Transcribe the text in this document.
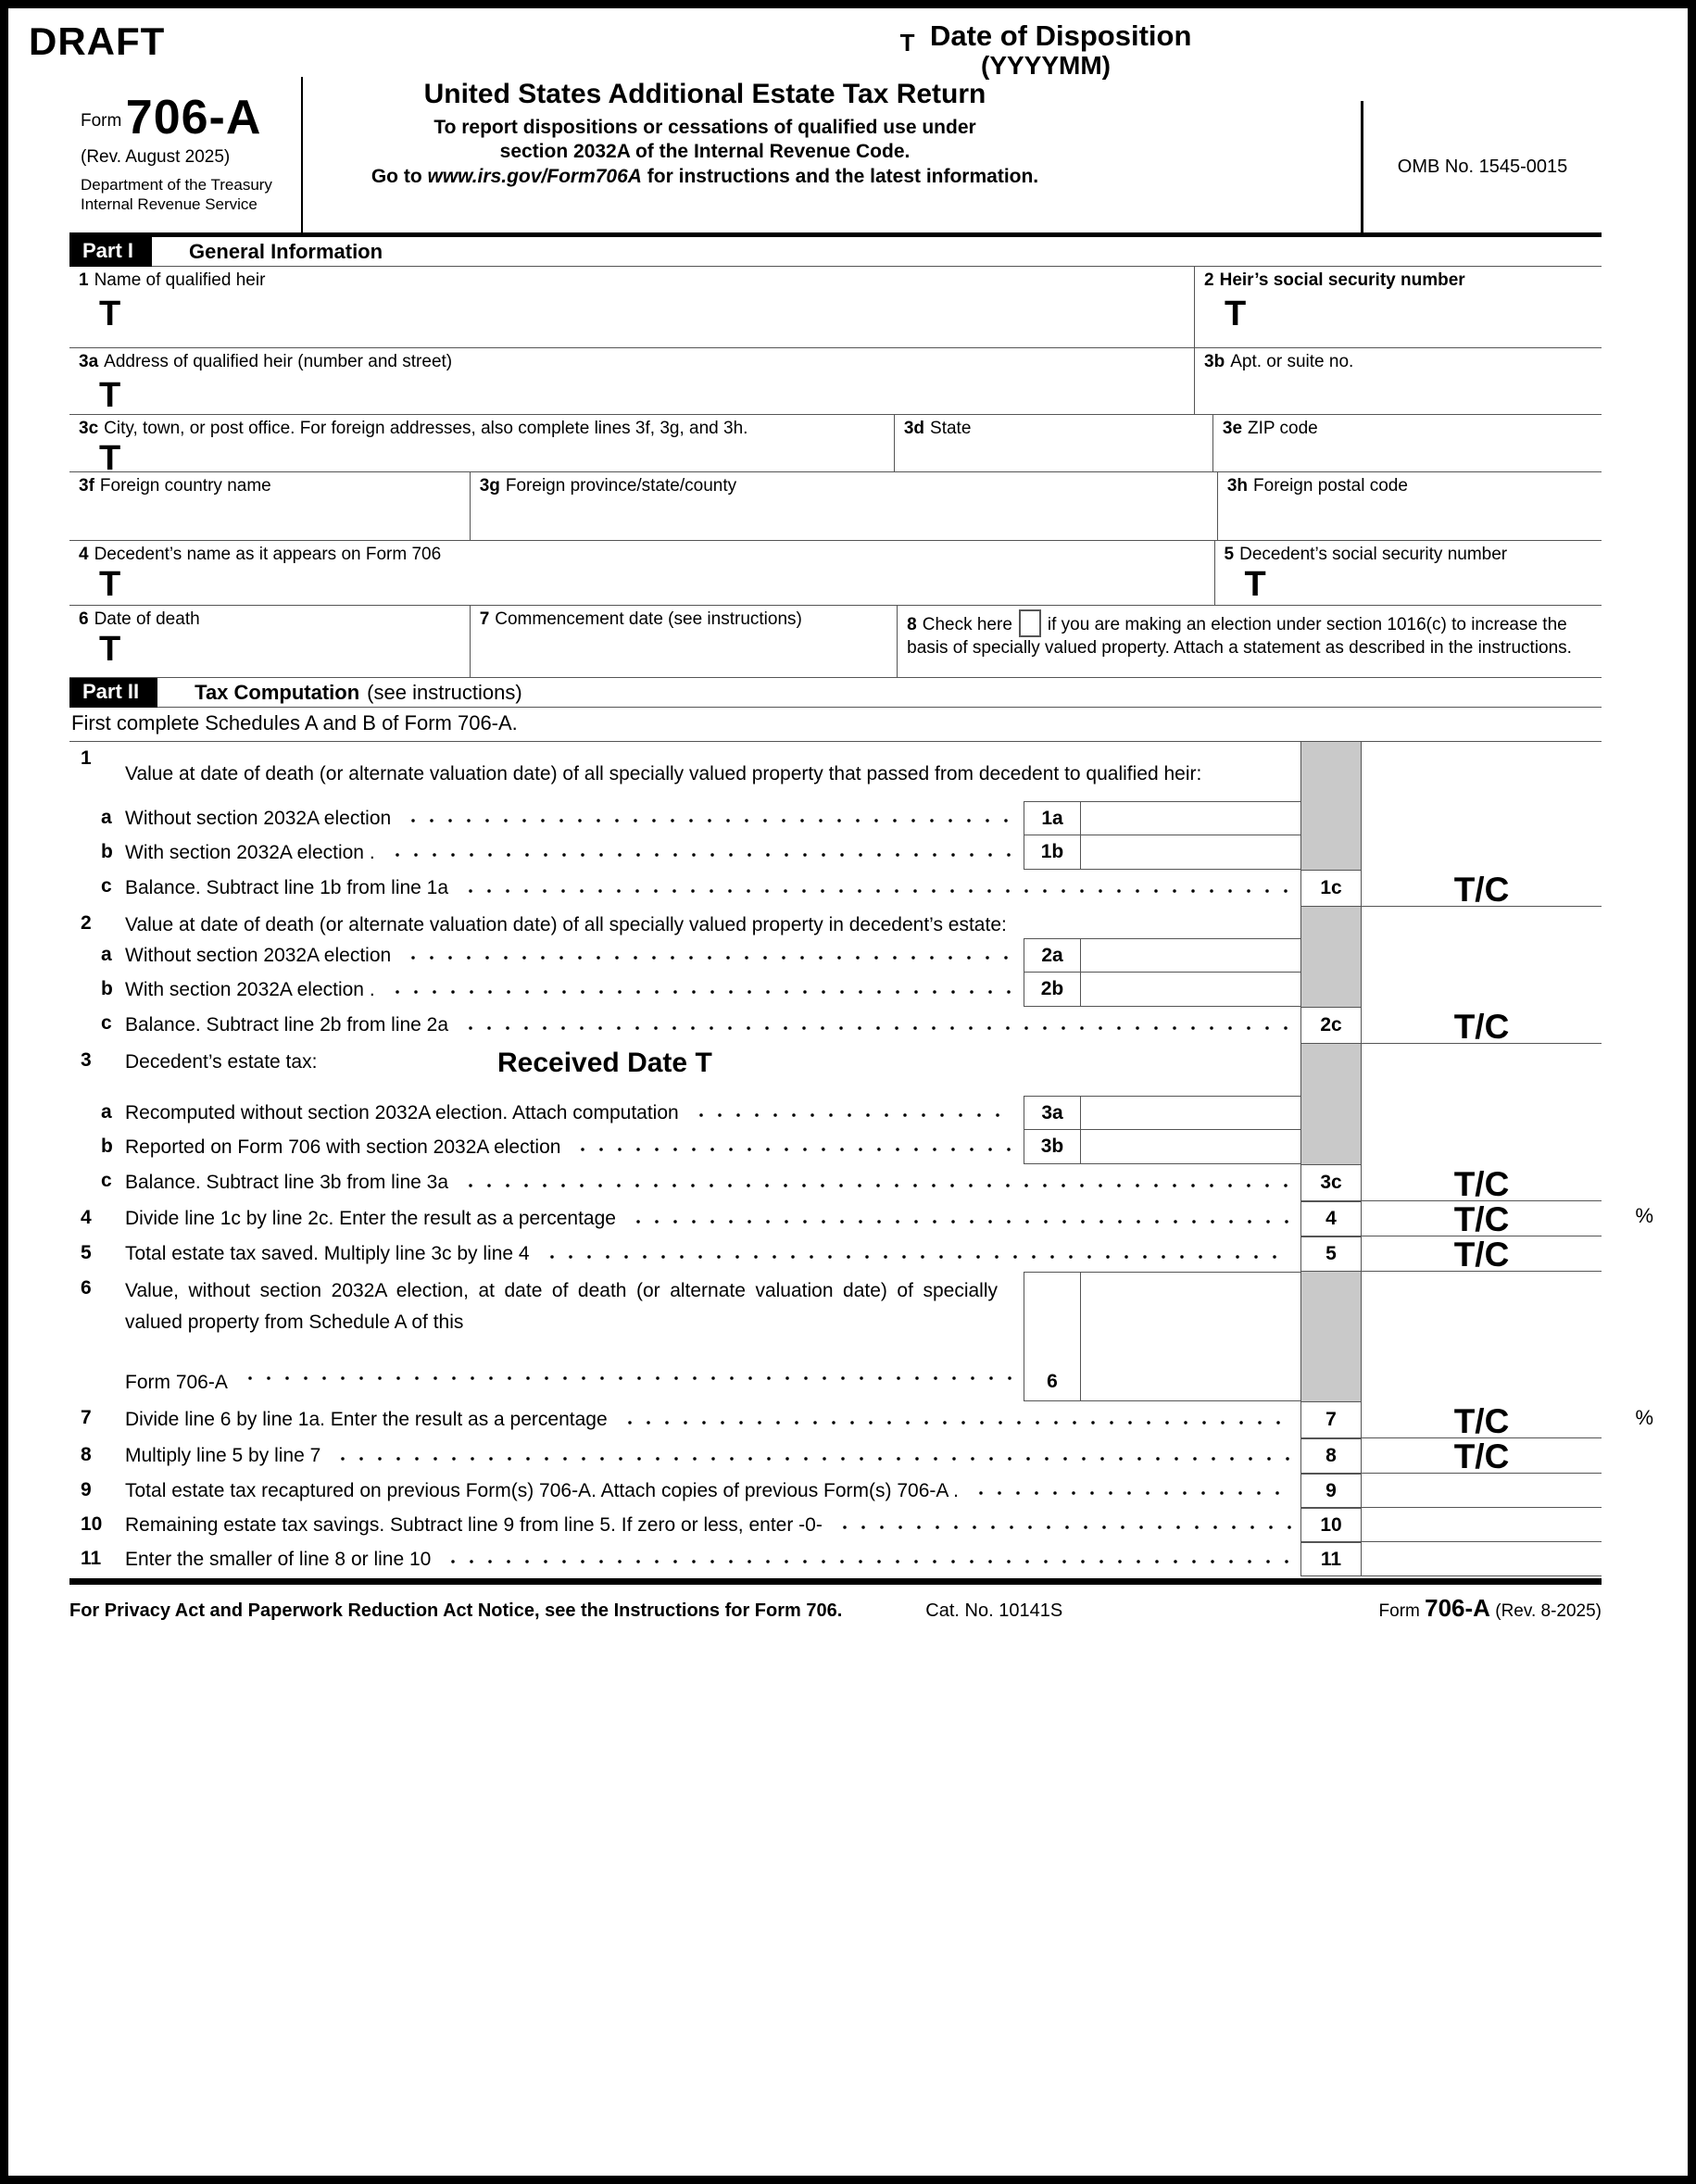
DRAFT	T Date of Disposition
(YYYYMM)
Form 706-A
(Rev. August 2025)
Department of the Treasury
Internal Revenue Service
United States Additional Estate Tax Return
To report dispositions or cessations of qualified use under
section 2032A of the Internal Revenue Code.
Go to www.irs.gov/Form706A for instructions and the latest information.	OMB No. 1545-0015
Part I	General Information
1 Name of qualified heir
T
2 Heir’s social security number
T
3a Address of qualified heir (number and street)
T
3b Apt. or suite no.
3c City, town, or post office. For foreign addresses, also complete lines 3f, 3g, and 3h.
T
3d State	3e ZIP code
3f Foreign country name	3g Foreign province/state/county	3h Foreign postal code
4 Decedent’s name as it appears on Form 706
T
5 Decedent’s social security number
T
6 Date of death
T
7 Commencement date (see instructions)	8 Check here if you are making an election under section 1016(c) to increase the basis of specially valued property. Attach a statement as described in the instructions.
Part II	Tax Computation (see instructions)
First complete Schedules A and B of Form 706-A.
1
Value at date of death (or alternate valuation date) of all specially valued property that passed from decedent to qualified heir:
a Without section 2032A election	1a
b With section 2032A election .	1b
c Balance. Subtract line 1b from line 1a	1c	T/C
2	Value at date of death (or alternate valuation date) of all specially valued property in decedent’s estate:
a Without section 2032A election	2a
b With section 2032A election .	2b
c Balance. Subtract line 2b from line 2a	2c	T/C
3	Decedent’s estate tax:	Received Date T
a Recomputed without section 2032A election. Attach computation	3a
b Reported on Form 706 with section 2032A election	3b
c Balance. Subtract line 3b from line 3a	3c	T/C
4	Divide line 1c by line 2c. Enter the result as a percentage	4	T/C	%
5	Total estate tax saved. Multiply line 3c by line 4	5	T/C
6	Value, without section 2032A election, at date of death (or alternate valuation date) of specially valued property from Schedule A of this
Form 706-A	6
7	Divide line 6 by line 1a. Enter the result as a percentage	7	T/C	%
8	Multiply line 5 by line 7	8	T/C
9	Total estate tax recaptured on previous Form(s) 706-A. Attach copies of previous Form(s) 706-A .	9
10	Remaining estate tax savings. Subtract line 9 from line 5. If zero or less, enter -0-	10
11	Enter the smaller of line 8 or line 10	11
For Privacy Act and Paperwork Reduction Act Notice, see the Instructions for Form 706.	Cat. No. 10141S	Form 706-A (Rev. 8-2025)
